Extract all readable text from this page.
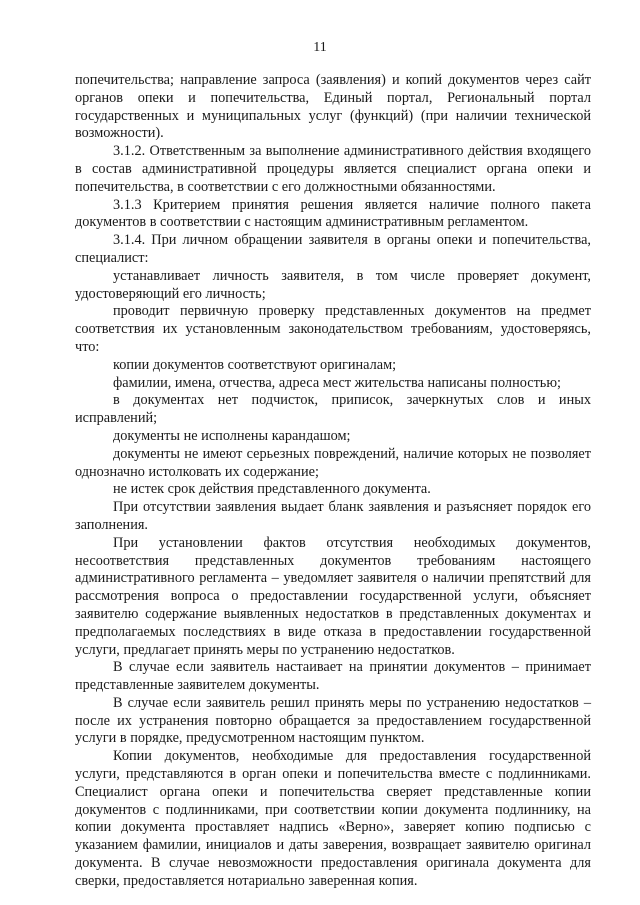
11

попечительства; направление запроса (заявления) и копий документов через сайт органов опеки и попечительства, Единый портал, Региональный портал государственных и муниципальных услуг (функций) (при наличии технической возможности).

3.1.2. Ответственным за выполнение административного действия входящего в состав административной процедуры является специалист органа опеки и попечительства, в соответствии с его должностными обязанностями.

3.1.3 Критерием принятия решения является наличие полного пакета документов в соответствии с настоящим административным регламентом.

3.1.4. При личном обращении заявителя в органы опеки и попечительства, специалист:

устанавливает личность заявителя, в том числе проверяет документ, удостоверяющий его личность;

проводит первичную проверку представленных документов на предмет соответствия их установленным законодательством требованиям, удостоверяясь, что:

копии документов соответствуют оригиналам;

фамилии, имена, отчества, адреса мест жительства написаны полностью;

в документах нет подчисток, приписок, зачеркнутых слов и иных исправлений;

документы не исполнены карандашом;

документы не имеют серьезных повреждений, наличие которых не позволяет однозначно истолковать их содержание;

не истек срок действия представленного документа.

При отсутствии заявления выдает бланк заявления и разъясняет порядок его заполнения.

При установлении фактов отсутствия необходимых документов, несоответствия представленных документов требованиям настоящего административного регламента – уведомляет заявителя о наличии препятствий для рассмотрения вопроса о предоставлении государственной услуги, объясняет заявителю содержание выявленных недостатков в представленных документах и предполагаемых последствиях в виде отказа в предоставлении государственной услуги, предлагает принять меры по устранению недостатков.

В случае если заявитель настаивает на принятии документов – принимает представленные заявителем документы.

В случае если заявитель решил принять меры по устранению недостатков – после их устранения повторно обращается за предоставлением государственной услуги в порядке, предусмотренном настоящим пунктом.

Копии документов, необходимые для предоставления государственной услуги, представляются в орган опеки и попечительства вместе с подлинниками. Специалист органа опеки и попечительства сверяет представленные копии документов с подлинниками, при соответствии копии документа подлиннику, на копии документа проставляет надпись «Верно», заверяет копию подписью с указанием фамилии, инициалов и даты заверения, возвращает заявителю оригинал документа. В случае невозможности предоставления оригинала документа для сверки, предоставляется нотариально заверенная копия.
